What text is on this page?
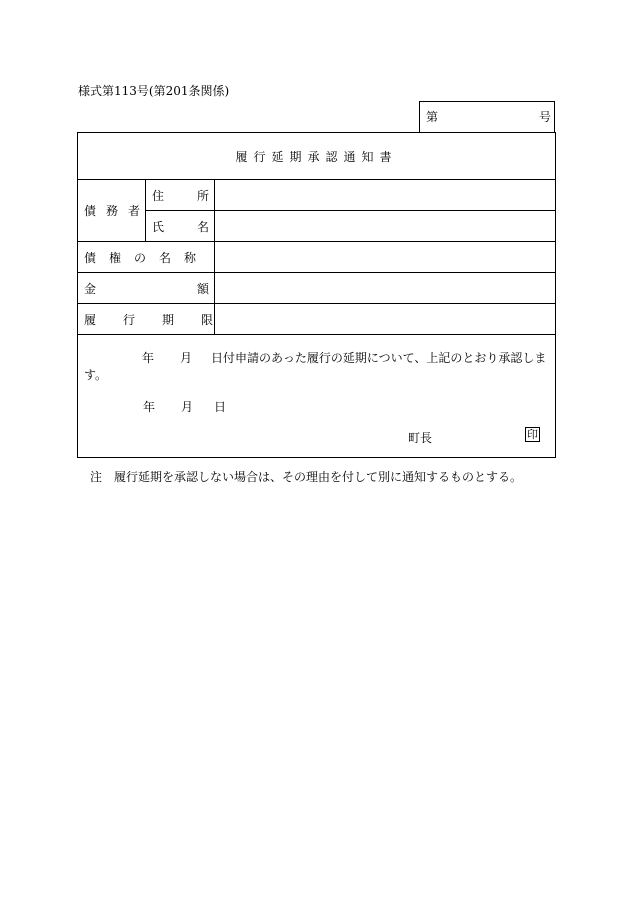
様式第113号(第201条関係)
第	号
履行延期承認通知書
債務者
住所
氏名
債権の名称
金額
履行期限
年 月 日付申請のあった履行の延期について、上記のとおり承認しま
す。
年 月 日
町長	印
注 履行延期を承認しない場合は、その理由を付して別に通知するものとする。
